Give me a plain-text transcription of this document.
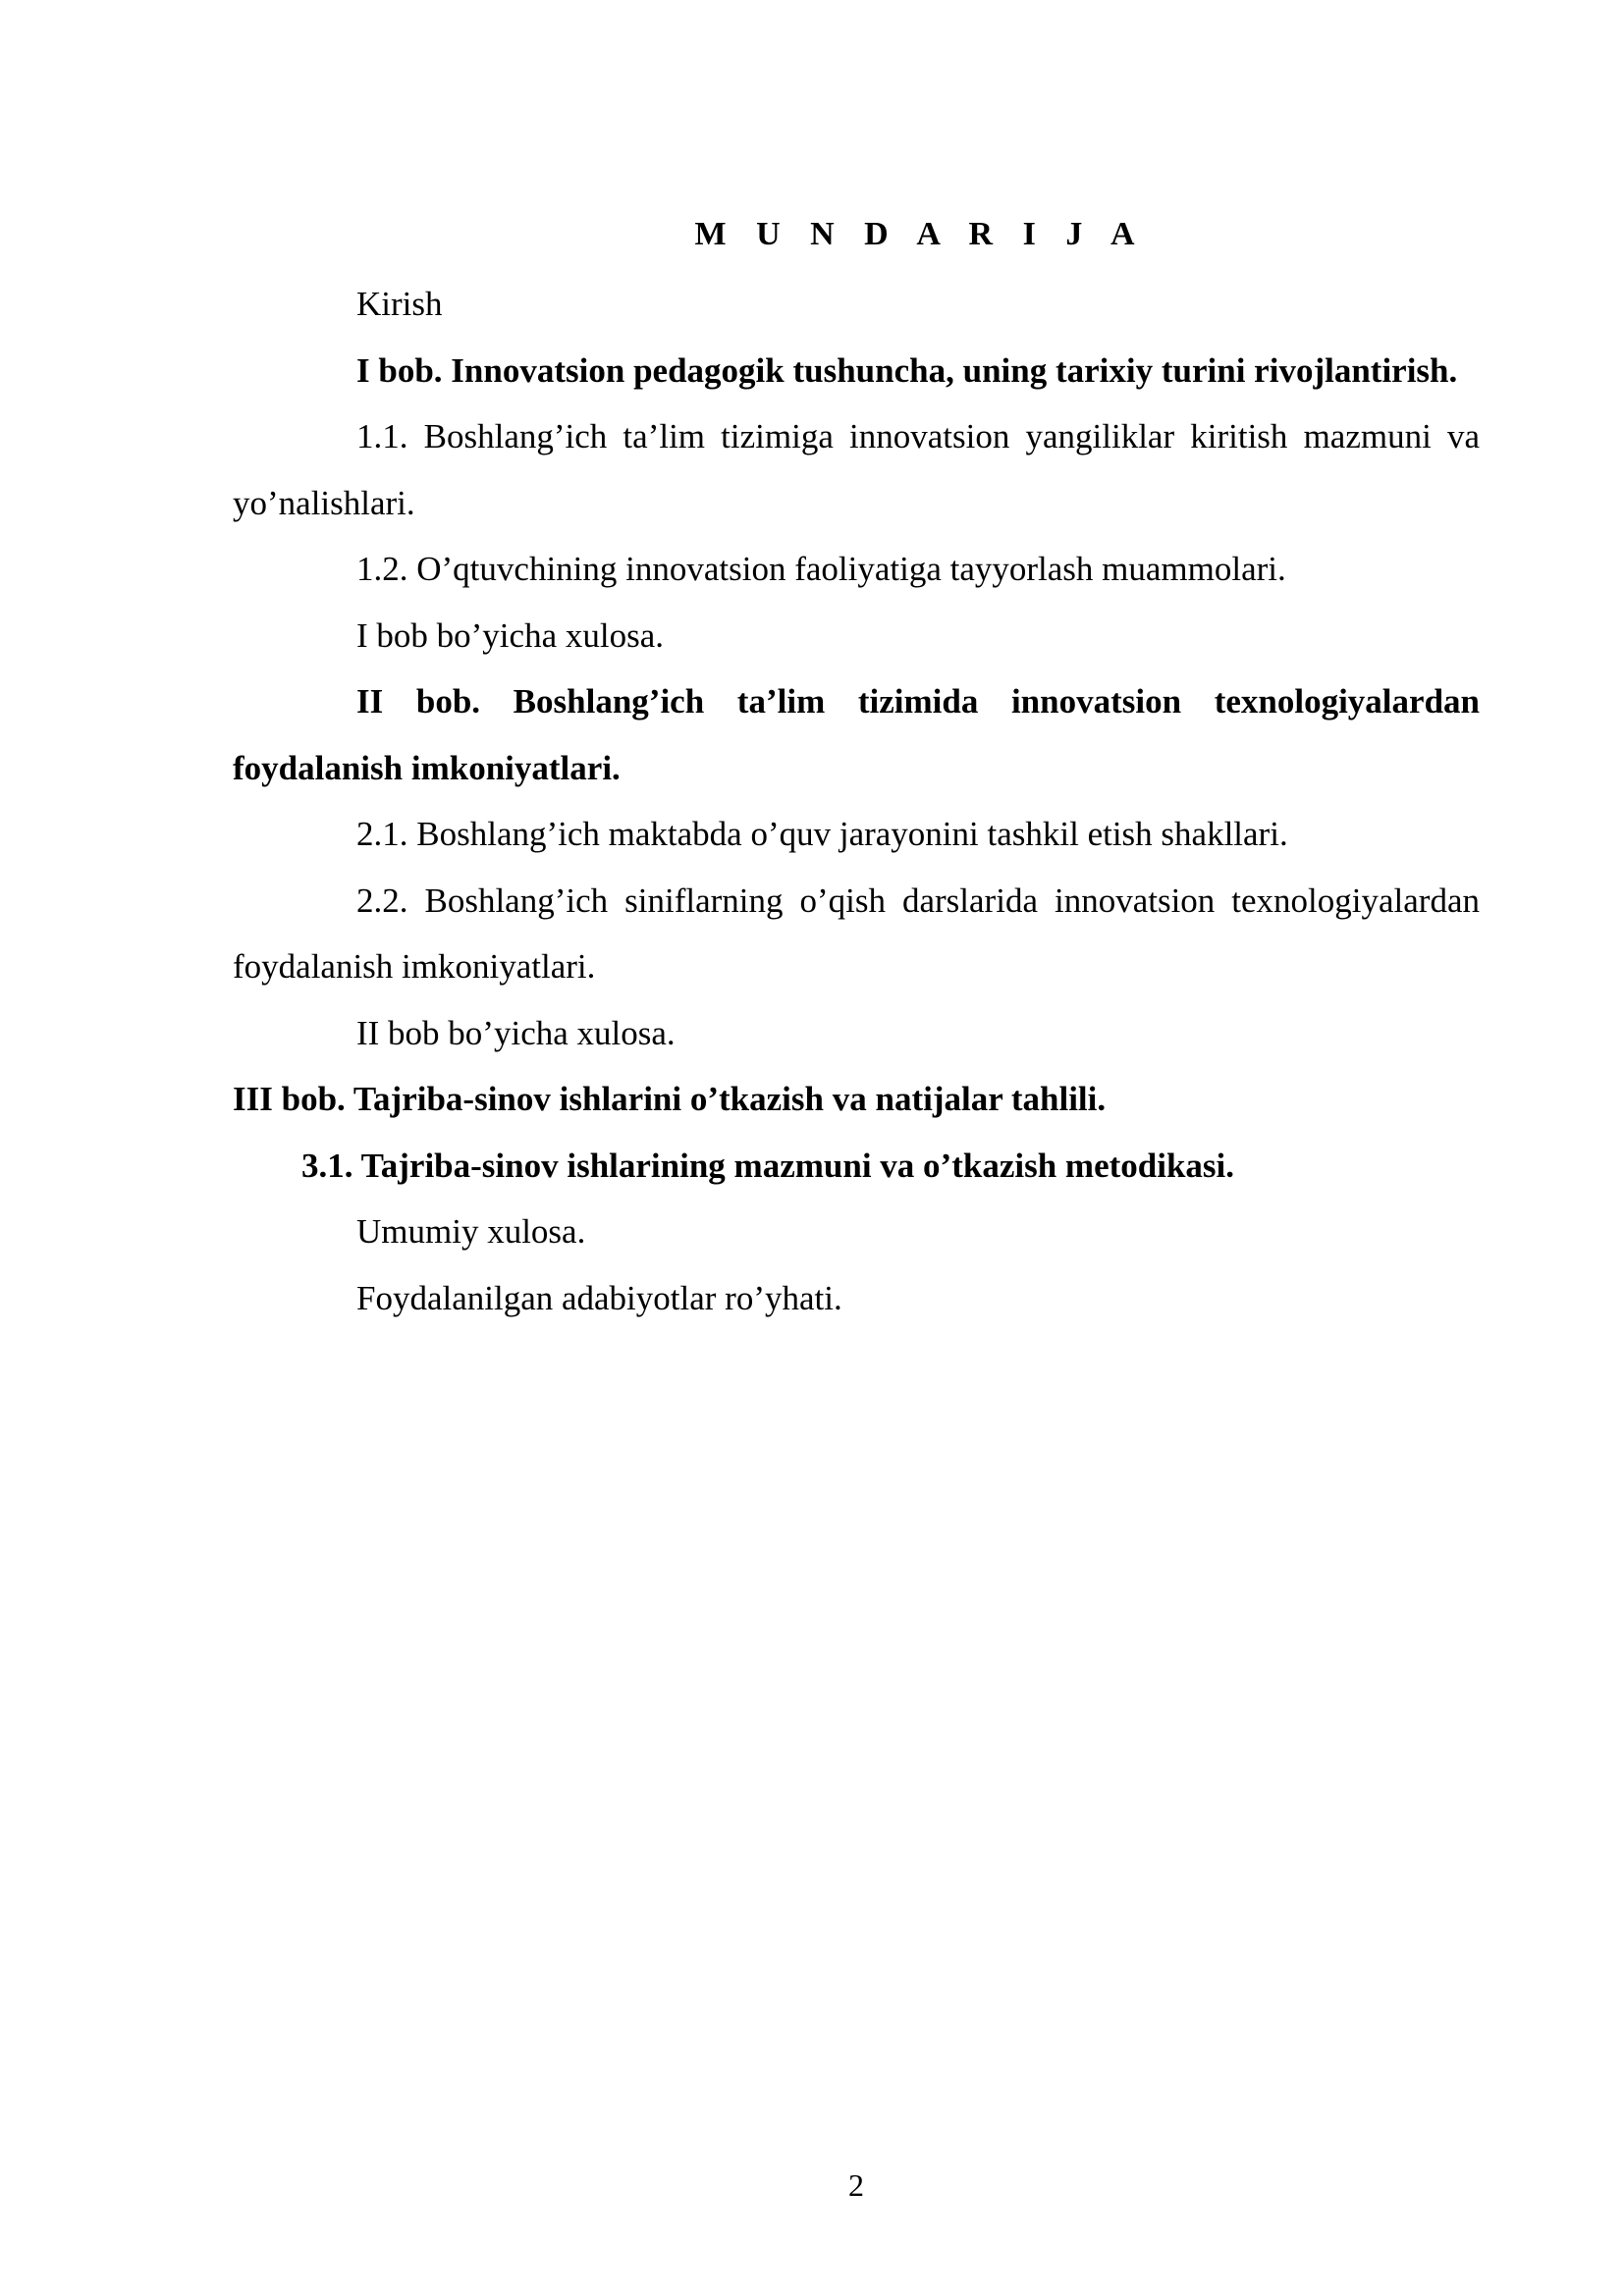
M U N D A R I J A

Kirish

I bob. Innovatsion pedagogik tushuncha, uning tarixiy turini rivojlantirish.

1.1. Boshlang’ich ta’lim tizimiga innovatsion yangiliklar kiritish mazmuni va yo’nalishlari.

1.2. O’qtuvchining innovatsion faoliyatiga tayyorlash muammolari.

I bob bo’yicha xulosa.

II bob. Boshlang’ich ta’lim tizimida innovatsion texnologiyalardan foydalanish imkoniyatlari.

2.1. Boshlang’ich maktabda o’quv jarayonini tashkil etish shakllari.

2.2. Boshlang’ich siniflarning o’qish darslarida innovatsion texnologiyalardan foydalanish imkoniyatlari.

II bob bo’yicha xulosa.

III bob. Tajriba-sinov ishlarini o’tkazish va natijalar tahlili.

3.1. Tajriba-sinov ishlarining mazmuni va o’tkazish metodikasi.

Umumiy xulosa.

Foydalanilgan adabiyotlar ro’yhati.

2
